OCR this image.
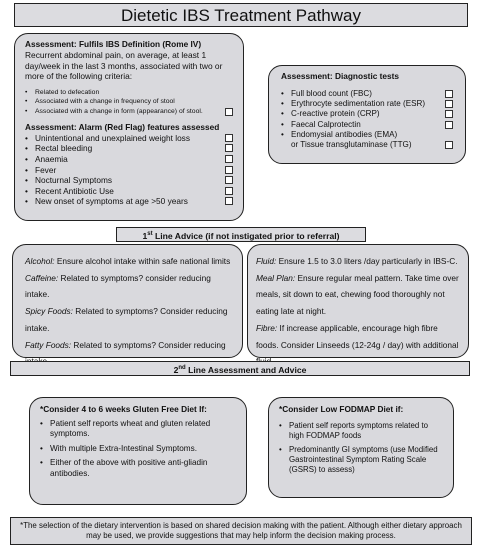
Dietetic IBS Treatment Pathway
Assessment: Fulfils IBS Definition (Rome IV)

Recurrent abdominal pain, on average, at least 1 day/week in the last 3 months, associated with two or more of the following criteria:

• Related to defecation
• Associated with a change in frequency of stool
• Associated with a change in form (appearance) of stool.
Assessment: Alarm (Red Flag) features assessed
• Unintentional and unexplained weight loss
• Rectal bleeding
• Anaemia
• Fever
• Nocturnal Symptoms
• Recent Antibiotic Use
• New onset of symptoms at age >50 years
Assessment: Diagnostic tests
• Full blood count (FBC)
• Erythrocyte sedimentation rate (ESR)
• C-reactive protein (CRP)
• Faecal Calprotectin
• Endomysial antibodies (EMA)
or Tissue transglutaminase (TTG)
1st Line Advice (if not instigated prior to referral)

Alcohol: Ensure alcohol intake within safe national limits

Caffeine: Related to symptoms? consider reducing intake.

Spicy Foods: Related to symptoms? Consider reducing intake.

Fatty Foods: Related to symptoms? Consider reducing

Fluid: Ensure 1.5 to 3.0 liters /day particularly in IBS-C.

Meal Plan: Ensure regular meal pattern. Take time over meals, sit down to eat, chewing food thoroughly not eating late at night.

Fibre: If increase applicable, encourage high fibre foods. Consider Linseeds (12-24g / day) with additional

2nd Line Assessment and Advice
*Consider 4 to 6 weeks Gluten Free Diet If:
• Patient self reports wheat and gluten related symptoms.
• With multiple Extra-Intestinal Symptoms.
• Either of the above with positive anti-gliadin antibodies.
*Consider Low FODMAP Diet if:
• Patient self reports symptoms related to high FODMAP foods
• Predominantly GI symptoms (use Modified Gastrointestinal Symptom Rating Scale (GSRS) to assess)
*The selection of the dietary intervention is based on shared decision making with the patient. Although either dietary approach may be used, we provide suggestions that may help inform the decision making process.
